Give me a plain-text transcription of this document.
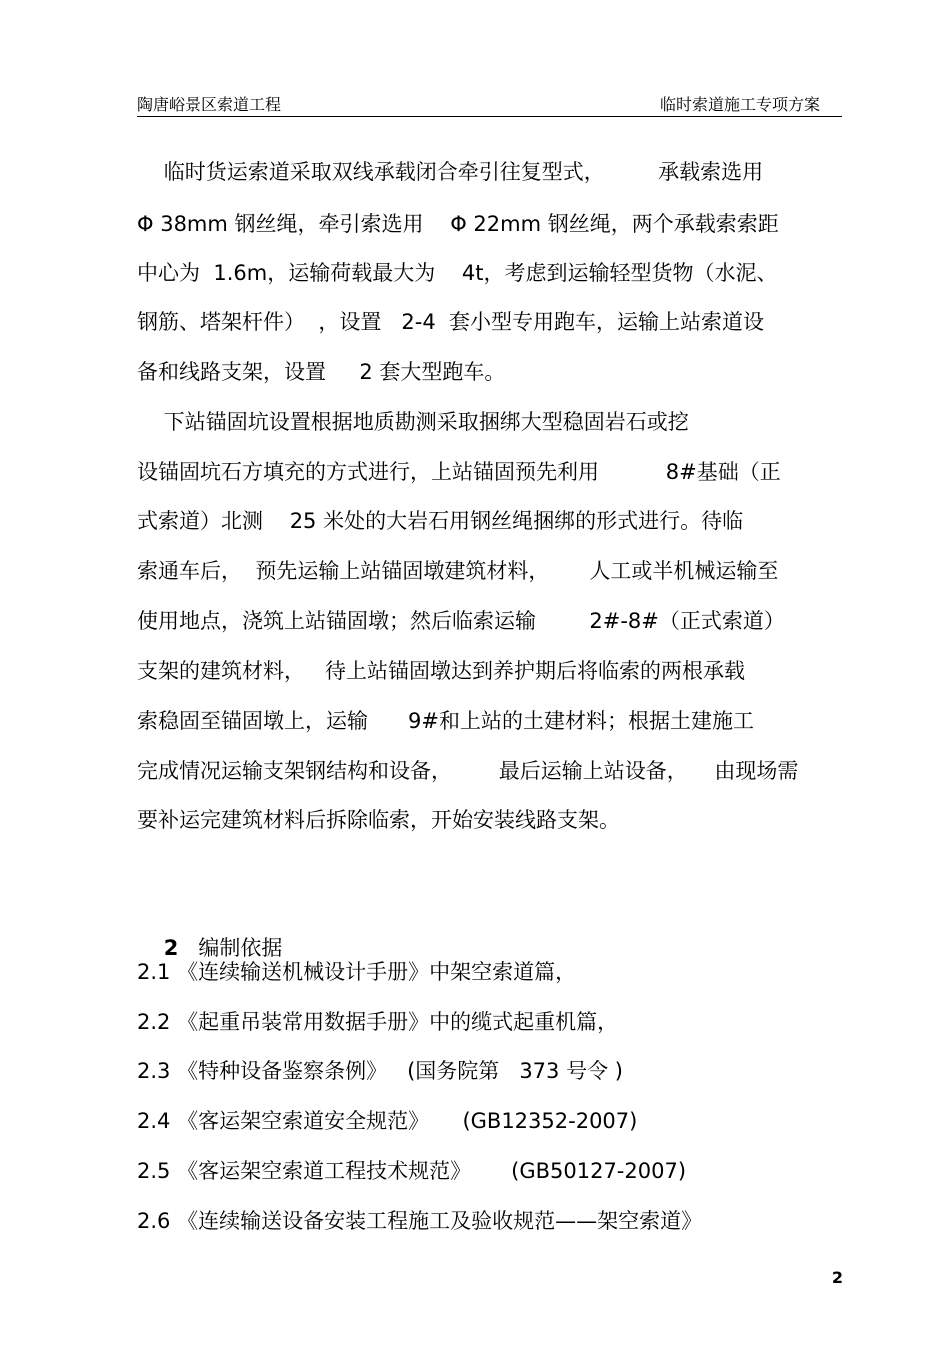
陶唐峪景区索道工程	临时索道施工专项方案
临时货运索道采取双线承载闭合牵引往复型式，        承载索选用
Φ 38mm 钢丝绳，牵引索选用    Φ 22mm 钢丝绳，两个承载索索距
中心为  1.6m，运输荷载最大为    4t，考虑到运输轻型货物（水泥、
钢筋、塔架杆件）  ，设置   2-4  套小型专用跑车，运输上站索道设
备和线路支架，设置     2 套大型跑车。
下站锚固坑设置根据地质勘测采取捆绑大型稳固岩石或挖
设锚固坑石方填充的方式进行，上站锚固预先利用          8#基础（正
式索道）北测    25 米处的大岩石用钢丝绳捆绑的形式进行。待临
索通车后，  预先运输上站锚固墩建筑材料，      人工或半机械运输至
使用地点，浇筑上站锚固墩；然后临索运输        2#-8#（正式索道）
支架的建筑材料，   待上站锚固墩达到养护期后将临索的两根承载
索稳固至锚固墩上，运输      9#和上站的土建材料；根据土建施工
完成情况运输支架钢结构和设备，       最后运输上站设备，    由现场需
要补运完建筑材料后拆除临索，开始安装线路支架。

2 编制依据

2.1 《连续输送机械设计手册》中架空索道篇，
2.2 《起重吊装常用数据手册》中的缆式起重机篇，
2.3 《特种设备鉴察条例》   (国务院第   373 号令 )
2.4 《客运架空索道安全规范》     (GB12352-2007)
2.5 《客运架空索道工程技术规范》      (GB50127-2007)
2.6 《连续输送设备安装工程施工及验收规范——架空索道》
2
